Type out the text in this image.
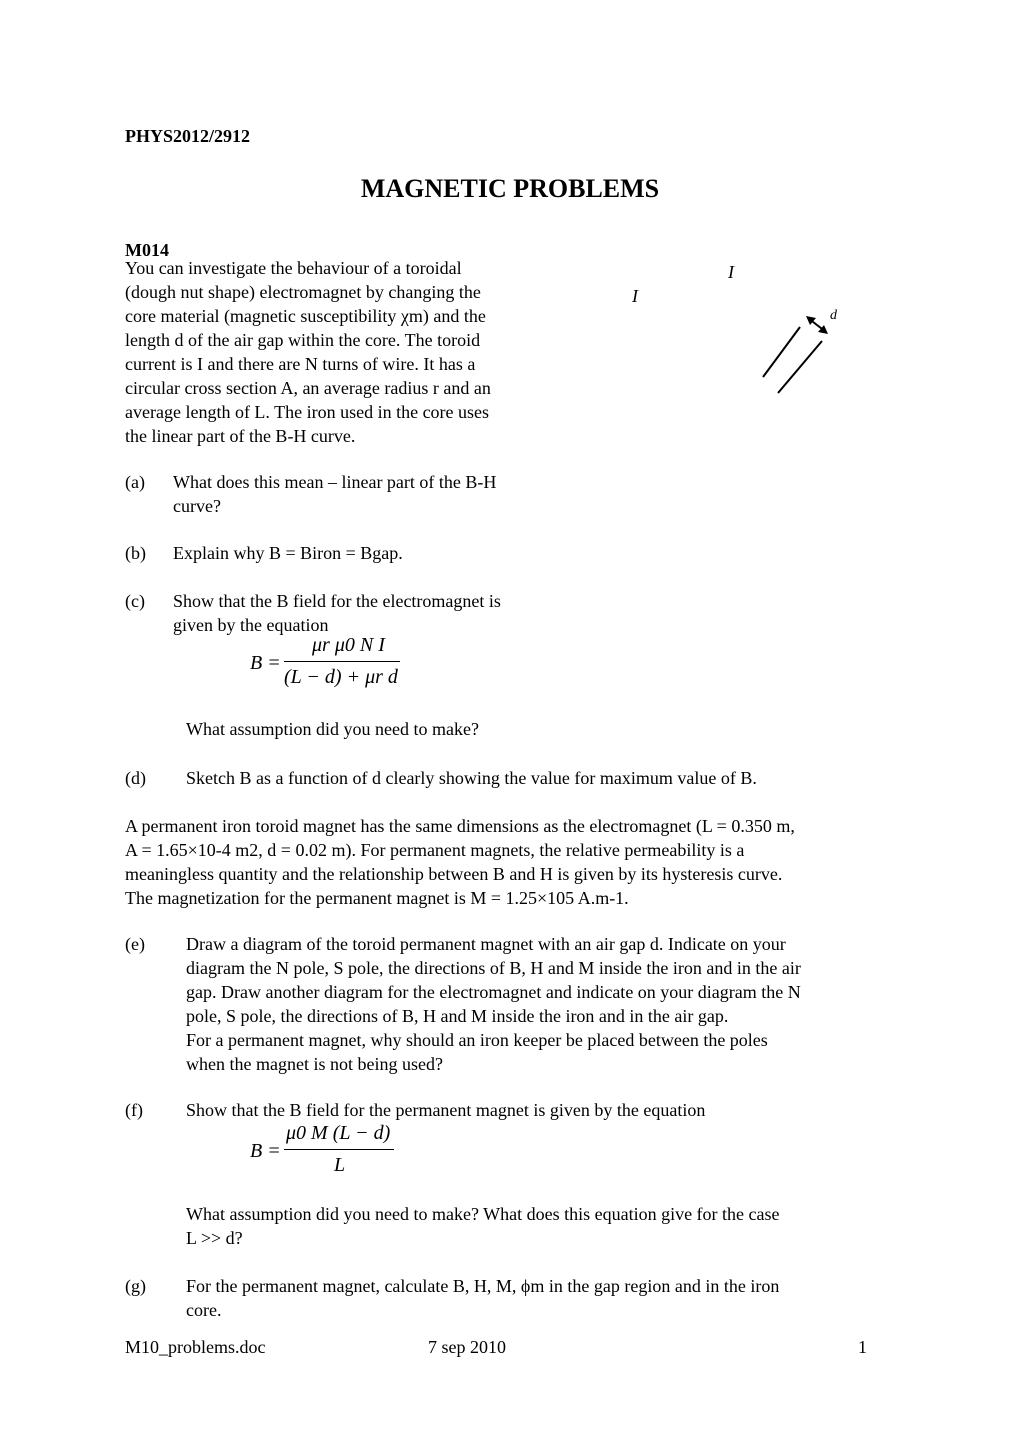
PHYS2012/2912
MAGNETIC PROBLEMS
M014
You can investigate the behaviour of a toroidal
(dough nut shape) electromagnet by changing the
core material (magnetic susceptibility χm) and the
length d of the air gap within the core. The toroid
current is I and there are N turns of wire. It has a
circular cross section A, an average radius r and an
average length of L. The iron used in the core uses
the linear part of the B-H curve.
I
I
d
(a) What does this mean – linear part of the B-H
curve?
(b) Explain why B = Biron = Bgap.
(c) Show that the B field for the electromagnet is
given by the equation
B =
μr μ0 N I
(L − d) + μr d
What assumption did you need to make?
(d) Sketch B as a function of d clearly showing the value for maximum value of B.
A permanent iron toroid magnet has the same dimensions as the electromagnet (L = 0.350 m,
A = 1.65×10-4 m2, d = 0.02 m). For permanent magnets, the relative permeability is a
meaningless quantity and the relationship between B and H is given by its hysteresis curve.
The magnetization for the permanent magnet is M = 1.25×105 A.m-1.
(e) Draw a diagram of the toroid permanent magnet with an air gap d. Indicate on your
diagram the N pole, S pole, the directions of B, H and M inside the iron and in the air
gap. Draw another diagram for the electromagnet and indicate on your diagram the N
pole, S pole, the directions of B, H and M inside the iron and in the air gap.
For a permanent magnet, why should an iron keeper be placed between the poles
when the magnet is not being used?
(f) Show that the B field for the permanent magnet is given by the equation
B =
μ0 M (L − d)
L
What assumption did you need to make? What does this equation give for the case
L >> d?
(g) For the permanent magnet, calculate B, H, M, ϕm in the gap region and in the iron
core.
M10_problems.doc	7 sep 2010	1
